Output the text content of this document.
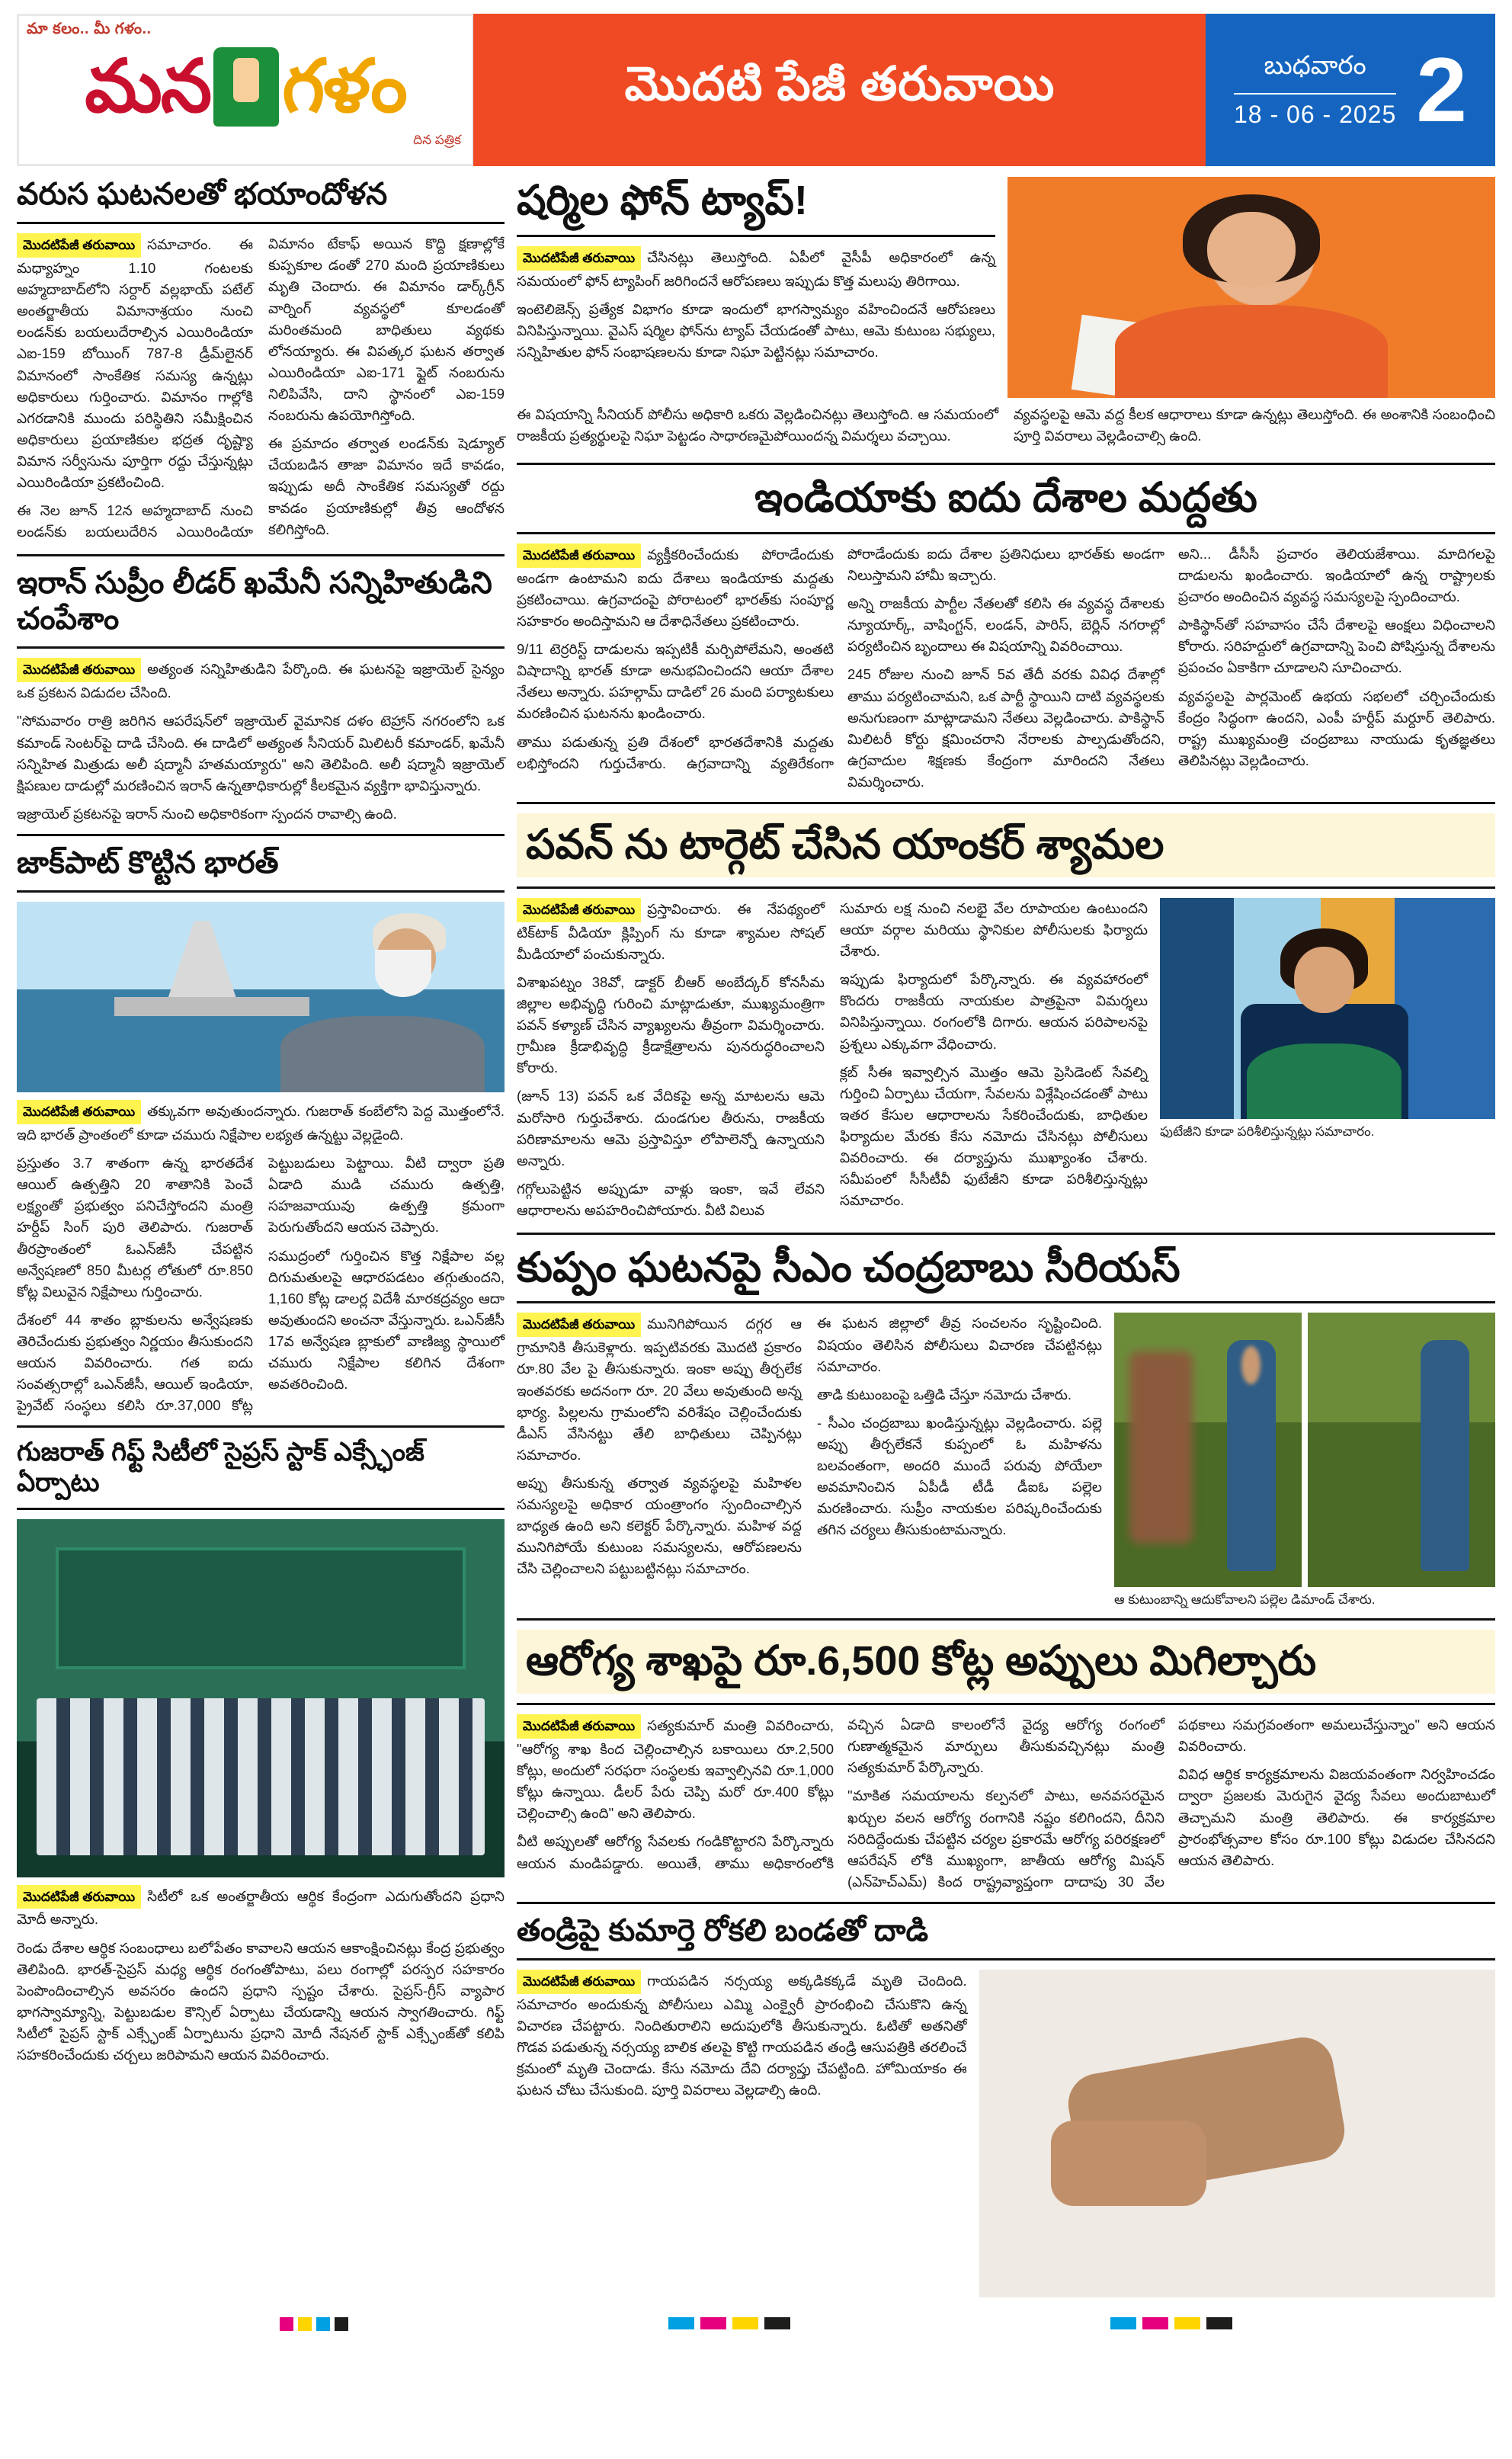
మా కలం.. మీ గళం..
మన గళం
దిన పత్రిక
మొదటి పేజీ తరువాయి	బుధవారం
18 - 06 - 2025 2
వరుస ఘటనలతో భయాందోళన

మొదటిపేజీ తరువాయి సమాచారం. ఈ మధ్యాహ్నం 1.10 గంటలకు అహ్మదాబాద్‌లోని సర్దార్ వల్లభాయ్ పటేల్ అంతర్జాతీయ విమానాశ్రయం నుంచి లండన్‌కు బయలుదేరాల్సిన ఎయిరిండియా ఎఐ-159 బోయింగ్ 787-8 డ్రీమ్‌లైనర్ విమానంలో సాంకేతిక సమస్య ఉన్నట్లు అధికారులు గుర్తించారు. విమానం గాల్లోకి ఎగరడానికి ముందు పరిస్థితిని సమీక్షించిన అధికారులు ప్రయాణికుల భద్రత దృష్ట్యా విమాన సర్వీసును పూర్తిగా రద్దు చేస్తున్నట్లు ఎయిరిండియా ప్రకటించింది.

ఈ నెల జూన్ 12న అహ్మదాబాద్ నుంచి లండన్‌కు బయలుదేరిన ఎయిరిండియా విమానం టేకాఫ్ అయిన కొద్ది క్షణాల్లోకే కుప్పకూల డంతో 270 మంది ప్రయాణికులు మృతి చెందారు. ఈ విమానం డార్క్‌గ్రీన్ వార్నింగ్ వ్యవస్థలో కూలడంతో మరింతమంది బాధితులు వ్యథకు లోనయ్యారు. ఈ విపత్కర ఘటన తర్వాత ఎయిరిండియా ఎఐ-171 ఫ్లైట్ నంబరును నిలిపివేసి, దాని స్థానంలో ఎఐ-159 నంబరును ఉపయోగిస్తోంది.

ఈ ప్రమాదం తర్వాత లండన్‌కు షెడ్యూల్ చేయబడిన తాజా విమానం ఇదే కావడం, ఇప్పుడు అదీ సాంకేతిక సమస్యతో రద్దు కావడం ప్రయాణికుల్లో తీవ్ర ఆందోళన కలిగిస్తోంది.

ఇరాన్ సుప్రీం లీడర్ ఖమేనీ సన్నిహితుడిని చంపేశాం

మొదటిపేజీ తరువాయి అత్యంత సన్నిహితుడిని పేర్కొంది. ఈ ఘటనపై ఇజ్రాయెల్ సైన్యం ఒక ప్రకటన విడుదల చేసింది.

"సోమవారం రాత్రి జరిగిన ఆపరేషన్‌లో ఇజ్రాయెల్ వైమానిక దళం టెహ్రాన్ నగరంలోని ఒక కమాండ్ సెంటర్‌పై దాడి చేసింది. ఈ దాడిలో అత్యంత సీనియర్ మిలిటరీ కమాండర్, ఖమేనీ సన్నిహిత మిత్రుడు అలీ షద్మానీ హతమయ్యారు" అని తెలిపింది. అలీ షద్మానీ ఇజ్రాయెల్ క్షిపణుల దాడుల్లో మరణించిన ఇరాన్ ఉన్నతాధికారుల్లో కీలకమైన వ్యక్తిగా భావిస్తున్నారు.

ఇజ్రాయెల్ ప్రకటనపై ఇరాన్ నుంచి అధికారికంగా స్పందన రావాల్సి ఉంది.

జాక్‌పాట్ కొట్టిన భారత్

మొదటిపేజీ తరువాయి తక్కువగా అవుతుందన్నారు. గుజరాత్ కంబేలోని పెద్ద మొత్తంలోనే. ఇది భారత్ ప్రాంతంలో కూడా చమురు నిక్షేపాల లభ్యత ఉన్నట్టు వెల్లడైంది.

ప్రస్తుతం 3.7 శాతంగా ఉన్న భారతదేశ ఆయిల్ ఉత్పత్తిని 20 శాతానికి పెంచే లక్ష్యంతో ప్రభుత్వం పనిచేస్తోందని మంత్రి హర్దీప్ సింగ్ పురి తెలిపారు. గుజరాత్ తీరప్రాంతంలో ఓఎన్‌జీసీ చేపట్టిన అన్వేషణలో 850 మీటర్ల లోతులో రూ.850 కోట్ల విలువైన నిక్షేపాలు గుర్తించారు.

దేశంలో 44 శాతం బ్లాకులను అన్వేషణకు తెరిచేందుకు ప్రభుత్వం నిర్ణయం తీసుకుందని ఆయన వివరించారు. గత ఐదు సంవత్సరాల్లో ఒఎన్‌జీసీ, ఆయిల్ ఇండియా, ప్రైవేట్ సంస్థలు కలిసి రూ.37,000 కోట్ల పెట్టుబడులు పెట్టాయి. వీటి ద్వారా ప్రతి ఏడాది ముడి చమురు ఉత్పత్తి, సహజవాయువు ఉత్పత్తి క్రమంగా పెరుగుతోందని ఆయన చెప్పారు.

సముద్రంలో గుర్తించిన కొత్త నిక్షేపాల వల్ల దిగుమతులపై ఆధారపడటం తగ్గుతుందని, 1,160 కోట్ల డాలర్ల విదేశీ మారకద్రవ్యం ఆదా అవుతుందని అంచనా వేస్తున్నారు. ఒఎన్‌జీసీ 17వ అన్వేషణ బ్లాకులో వాణిజ్య స్థాయిలో చమురు నిక్షేపాల కలిగిన దేశంగా అవతరించింది.

గుజరాత్ గిఫ్ట్ సిటీలో సైప్రస్ స్టాక్ ఎక్స్ఛేంజ్ ఏర్పాటు

మొదటిపేజీ తరువాయి సిటీలో ఒక అంతర్జాతీయ ఆర్థిక కేంద్రంగా ఎదుగుతోందని ప్రధాని మోదీ అన్నారు.

రెండు దేశాల ఆర్థిక సంబంధాలు బలోపేతం కావాలని ఆయన ఆకాంక్షించినట్లు కేంద్ర ప్రభుత్వం తెలిపింది. భారత్-సైప్రస్ మధ్య ఆర్థిక రంగంతోపాటు, పలు రంగాల్లో పరస్పర సహకారం పెంపొందించాల్సిన అవసరం ఉందని ప్రధాని స్పష్టం చేశారు. సైప్రస్‌-గ్రీస్ వ్యాపార భాగస్వామ్యాన్ని, పెట్టుబడుల కౌన్సిల్ ఏర్పాటు చేయడాన్ని ఆయన స్వాగతించారు. గిఫ్ట్ సిటీలో సైప్రస్ స్టాక్ ఎక్స్ఛేంజ్ ఏర్పాటును ప్రధాని మోదీ నేషనల్ స్టాక్ ఎక్స్ఛేంజ్‌తో కలిపి సహకరించేందుకు చర్చలు జరిపామని ఆయన వివరించారు.

షర్మిల ఫోన్ ట్యాప్!

మొదటిపేజీ తరువాయి చేసినట్లు తెలుస్తోంది. ఏపీలో వైసీపీ అధికారంలో ఉన్న సమయంలో ఫోన్ ట్యాపింగ్ జరిగిందనే ఆరోపణలు ఇప్పుడు కొత్త మలుపు తిరిగాయి.

ఇంటెలిజెన్స్ ప్రత్యేక విభాగం కూడా ఇందులో భాగస్వామ్యం వహించిందనే ఆరోపణలు వినిపిస్తున్నాయి. వైఎస్ షర్మిల ఫోన్‌ను ట్యాప్ చేయడంతో పాటు, ఆమె కుటుంబ సభ్యులు, సన్నిహితుల ఫోన్ సంభాషణలను కూడా నిఘా పెట్టినట్లు సమాచారం.

ఈ విషయాన్ని సీనియర్ పోలీసు అధికారి ఒకరు వెల్లడించినట్లు తెలుస్తోంది. ఆ సమయంలో రాజకీయ ప్రత్యర్థులపై నిఘా పెట్టడం సాధారణమైపోయిందన్న విమర్శలు వచ్చాయి.

వ్యవస్థలపై ఆమె వద్ద కీలక ఆధారాలు కూడా ఉన్నట్లు తెలుస్తోంది. ఈ అంశానికి సంబంధించి పూర్తి వివరాలు వెల్లడించాల్సి ఉంది.

ఇండియాకు ఐదు దేశాల మద్దతు

మొదటిపేజీ తరువాయి వ్యక్తీకరించేందుకు పోరాడేందుకు అండగా ఉంటామని ఐదు దేశాలు ఇండియాకు మద్దతు ప్రకటించాయి. ఉగ్రవాదంపై పోరాటంలో భారత్‌కు సంపూర్ణ సహకారం అందిస్తామని ఆ దేశాధినేతలు ప్రకటించారు.

9/11 టెర్రరిస్ట్ దాడులను ఇప్పటికీ మర్చిపోలేమని, అంతటి విషాదాన్ని భారత్ కూడా అనుభవించిందని ఆయా దేశాల నేతలు అన్నారు. పహల్గామ్ దాడిలో 26 మంది పర్యాటకులు మరణించిన ఘటనను ఖండించారు.

తాము పడుతున్న ప్రతి దేశంలో భారతదేశానికి మద్దతు లభిస్తోందని గుర్తుచేశారు. ఉగ్రవాదాన్ని వ్యతిరేకంగా పోరాడేందుకు ఐదు దేశాల ప్రతినిధులు భారత్‌కు అండగా నిలుస్తామని హామీ ఇచ్చారు.

అన్ని రాజకీయ పార్టీల నేతలతో కలిసి ఈ వ్యవస్థ దేశాలకు న్యూయార్క్, వాషింగ్టన్, లండన్, పారిస్, బెర్లిన్ నగరాల్లో పర్యటించిన బృందాలు ఈ విషయాన్ని వివరించాయి.

245 రోజుల నుంచి జూన్ 5వ తేదీ వరకు వివిధ దేశాల్లో తాము పర్యటించామని, ఒక పార్టీ స్థాయిని దాటి వ్యవస్థలకు అనుగుణంగా మాట్లాడామని నేతలు వెల్లడించారు. పాకిస్థాన్ మిలిటరీ కోర్టు క్షమించరాని నేరాలకు పాల్పడుతోందని, ఉగ్రవాదుల శిక్షణకు కేంద్రంగా మారిందని నేతలు విమర్శించారు.

అని... డీసీసీ ప్రచారం తెలియజేశాయి. మాదిగలపై దాడులను ఖండించారు. ఇండియాలో ఉన్న రాష్ట్రాలకు ప్రచారం అందించిన వ్యవస్థ సమస్యలపై స్పందించారు.

పాకిస్థాన్‌తో సహవాసం చేసే దేశాలపై ఆంక్షలు విధించాలని కోరారు. సరిహద్దులో ఉగ్రవాదాన్ని పెంచి పోషిస్తున్న దేశాలను ప్రపంచం ఏకాకిగా చూడాలని సూచించారు.

వ్యవస్థలపై పార్లమెంట్ ఉభయ సభలలో చర్చించేందుకు కేంద్రం సిద్ధంగా ఉందని, ఎంపీ హర్దీప్ మర్దూర్ తెలిపారు. రాష్ట్ర ముఖ్యమంత్రి చంద్రబాబు నాయుడు కృతజ్ఞతలు తెలిపినట్లు వెల్లడించారు.

పవన్ ను టార్గెట్ చేసిన యాంకర్ శ్యామల

మొదటిపేజీ తరువాయి ప్రస్తావించారు. ఈ నేపథ్యంలో టిక్‌టాక్ వీడియా క్లిప్పింగ్ ను కూడా శ్యామల సోషల్ మీడియాలో పంచుకున్నారు.

విశాఖపట్నం 38వో, డాక్టర్ బీఆర్ అంబేద్కర్ కోనసీమ జిల్లాల అభివృద్ధి గురించి మాట్లాడుతూ, ముఖ్యమంత్రిగా పవన్ కళ్యాణ్ చేసిన వ్యాఖ్యలను తీవ్రంగా విమర్శించారు. గ్రామీణ క్రీడాభివృద్ధి క్రీడాక్షేత్రాలను పునరుద్ధరించాలని కోరారు.

(జూన్ 13) పవన్ ఒక వేదికపై అన్న మాటలను ఆమె మరోసారి గుర్తుచేశారు. దుండగుల తీరును, రాజకీయ పరిణామాలను ఆమె ప్రస్తావిస్తూ లోపాలెన్నో ఉన్నాయని అన్నారు.

గగ్గోలుపెట్టిన అప్పుడూ వాళ్లు ఇంకా, ఇవే లేవని ఆధారాలను అపహరించిపోయారు. వీటి విలువ

సుమారు లక్ష నుంచి నలభై వేల రూపాయల ఉంటుందని ఆయా వర్గాల మరియు స్థానికుల పోలీసులకు ఫిర్యాదు చేశారు.

ఇప్పుడు ఫిర్యాదులో పేర్కొన్నారు. ఈ వ్యవహారంలో కొందరు రాజకీయ నాయకుల పాత్రపైనా విమర్శలు వినిపిస్తున్నాయి. రంగంలోకి దిగారు. ఆయన పరిపాలనపై ప్రశ్నలు ఎక్కువగా వేధించారు.

క్లబ్ సీఈ ఇవ్వాల్సిన మొత్తం ఆమె ప్రెసిడెంట్ సేవల్ని గుర్తించి ఏర్పాటు చేయగా, సేవలను విశ్లేషించడంతో పాటు ఇతర కేసుల ఆధారాలను సేకరించేందుకు, బాధితుల ఫిర్యాదుల మేరకు కేసు నమోదు చేసినట్లు పోలీసులు వివరించారు. ఈ దర్యాప్తును ముఖ్యాంశం చేశారు. సమీపంలో సీసీటీవీ ఫుటేజీని కూడా పరిశీలిస్తున్నట్లు సమాచారం.

ఫుటేజీని కూడా పరిశీలిస్తున్నట్లు సమాచారం.
కుప్పం ఘటనపై సీఎం చంద్రబాబు సీరియస్

మొదటిపేజీ తరువాయి మునిగిపోయిన దగ్గర ఆ గ్రామానికి తీసుకెళ్లారు. ఇప్పటివరకు మొదటి ప్రకారం రూ.80 వేల పై తీసుకున్నారు. ఇంకా అప్పు తీర్చలేక ఇంతవరకు అదనంగా రూ. 20 వేలు అవుతుంది అన్న భార్య. పిల్లలను గ్రామంలోని వరిశేషం చెల్లించేందుకు డీఎస్ వేసినట్టు తేలి బాధితులు చెప్పినట్లు సమాచారం.

అప్పు తీసుకున్న తర్వాత వ్యవస్థలపై మహిళల సమస్యలపై అధికార యంత్రాంగం స్పందించాల్సిన బాధ్యత ఉంది అని కలెక్టర్ పేర్కొన్నారు. మహిళ వద్ద మునిగిపోయే కుటుంబ సమస్యలను, ఆరోపణలను చేసి చెల్లించాలని పట్టుబట్టినట్లు సమాచారం.

ఈ ఘటన జిల్లాలో తీవ్ర సంచలనం సృష్టించింది. విషయం తెలిసిన పోలీసులు విచారణ చేపట్టినట్లు సమాచారం.

తాడి కుటుంబంపై ఒత్తిడి చేస్తూ నమోదు చేశారు.

- సీఎం చంద్రబాబు ఖండిస్తున్నట్లు వెల్లడించారు. పల్లె అప్పు తీర్చలేకనే కుప్పంలో ఓ మహిళను బలవంతంగా, అందరి ముందే పరువు పోయేలా అవమానించిన ఏపీడీ టీడీ డీఐఓ పల్లెల మరణించారు. సుప్రీం నాయకుల పరిష్కరించేందుకు తగిన చర్యలు తీసుకుంటామన్నారు.

ఆ కుటుంబాన్ని ఆదుకోవాలని పల్లెల డిమాండ్ చేశారు.
ఆరోగ్య శాఖపై రూ.6,500 కోట్ల అప్పులు మిగిల్చారు

మొదటిపేజీ తరువాయి సత్యకుమార్ మంత్రి వివరించారు, "ఆరోగ్య శాఖ కింద చెల్లించాల్సిన బకాయిలు రూ.2,500 కోట్లు, అందులో సరఫరా సంస్థలకు ఇవ్వాల్సినవి రూ.1,000 కోట్లు ఉన్నాయి. డీలర్ పేరు చెప్పి మరో రూ.400 కోట్లు చెల్లించాల్సి ఉంది" అని తెలిపారు.

వీటి అప్పులతో ఆరోగ్య సేవలకు గండికొట్టారని పేర్కొన్నారు ఆయన మండిపడ్డారు. అయితే, తాము అధికారంలోకి వచ్చిన ఏడాది కాలంలోనే వైద్య ఆరోగ్య రంగంలో గుణాత్మకమైన మార్పులు తీసుకువచ్చినట్లు మంత్రి సత్యకుమార్ పేర్కొన్నారు.

"మాకిత సమయాలను కల్పనలో పాటు, అనవసరమైన ఖర్చుల వలన ఆరోగ్య రంగానికి నష్టం కలిగిందని, దీనిని సరిదిద్దేందుకు చేపట్టిన చర్యల ప్రకారమే ఆరోగ్య పరిరక్షణలో ఆపరేషన్ లోకి ముఖ్యంగా, జాతీయ ఆరోగ్య మిషన్ (ఎన్‌హెచ్‌ఎమ్) కింద రాష్ట్రవ్యాప్తంగా దాదాపు 30 వేల పథకాలు సమగ్రవంతంగా అమలుచేస్తున్నాం" అని ఆయన వివరించారు.

వివిధ ఆర్థిక కార్యక్రమాలను విజయవంతంగా నిర్వహించడం ద్వారా ప్రజలకు మెరుగైన వైద్య సేవలు అందుబాటులో తెచ్చామని మంత్రి తెలిపారు. ఈ కార్యక్రమాల ప్రారంభోత్సవాల కోసం రూ.100 కోట్లు విడుదల చేసినదని ఆయన తెలిపారు.

తండ్రిపై కుమార్తె రోకలి బండతో దాడి

మొదటిపేజీ తరువాయి గాయపడిన నర్సయ్య అక్కడికక్కడే మృతి చెందింది. సమాచారం అందుకున్న పోలీసులు ఎమ్మి ఎంక్వైరీ ప్రారంభించి చేసుకొని ఉన్న విచారణ చేపట్టారు. నిందితురాలిని అదుపులోకి తీసుకున్నారు. ఓటితో అతనితో గొడవ పడుతున్న నర్సయ్య బాలిక తలపై కొట్టి గాయపడిన తండ్రి ఆసుపత్రికి తరలించే క్రమంలో మృతి చెందాడు. కేసు నమోదు దేవి దర్యాప్తు చేపట్టింది. హోమియాకం ఈ ఘటన చోటు చేసుకుంది. పూర్తి వివరాలు వెల్లడాల్సి ఉంది.
